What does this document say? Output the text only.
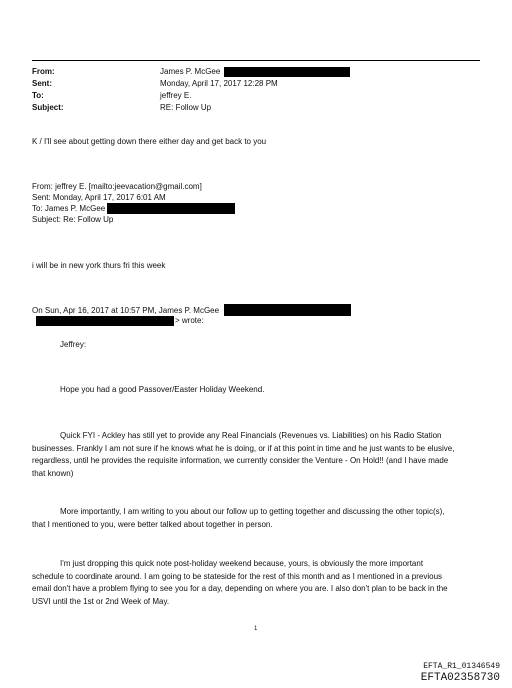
From:
Sent:
To:
Subject:
James P. McGee
Monday, April 17, 2017 12:28 PM
jeffrey E.
RE: Follow Up
K / I'll see about getting down there either day and get back to you
From: jeffrey E. [mailto:jeevacation@gmail.com]
Sent: Monday, April 17, 2017 6:01 AM
To: James P. McGee
Subject: Re: Follow Up
i will be in new york thurs fri this week
On Sun, Apr 16, 2017 at 10:57 PM, James P. McGee
> wrote:
Jeffrey:
Hope you had a good Passover/Easter Holiday Weekend.
Quick FYI - Ackley has still yet to provide any Real Financials (Revenues vs. Liabilities) on his Radio Station
businesses. Frankly I am not sure if he knows what he is doing, or if at this point in time and he just wants to be elusive,
regardless, until he provides the requisite information, we currently consider the Venture - On Hold!! (and I have made
that known)
More importantly, I am writing to you about our follow up to getting together and discussing the other topic(s),
that I mentioned to you, were better talked about together in person.
I'm just dropping this quick note post-holiday weekend because, yours, is obviously the more important
schedule to coordinate around. I am going to be stateside for the rest of this month and as I mentioned in a previous
email don't have a problem flying to see you for a day, depending on where you are. I also don't plan to be back in the
USVI until the 1st or 2nd Week of May.
1
EFTA_R1_01346549
EFTA02358730
